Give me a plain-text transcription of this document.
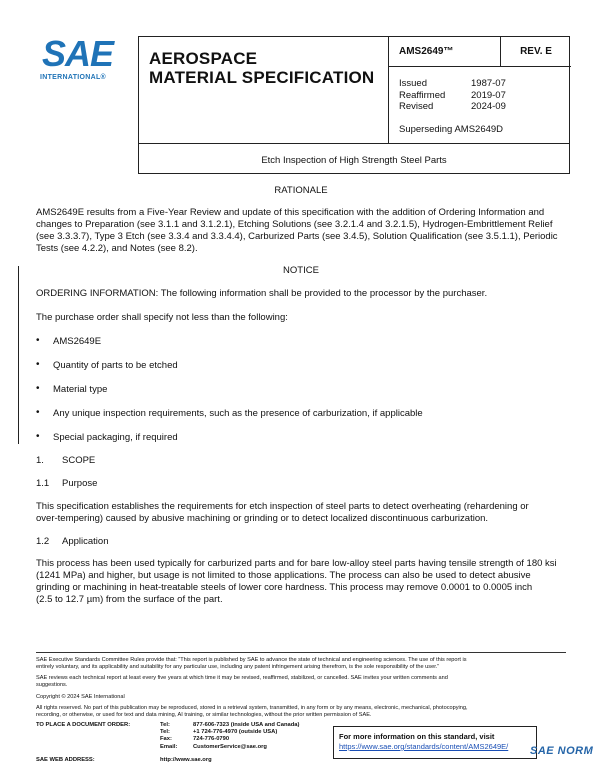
SAE
INTERNATIONAL®
AEROSPACE
MATERIAL SPECIFICATION
AMS2649™	REV. E
Issued	1987-07
Reaffirmed	2019-07
Revised	2024-09
Superseding AMS2649D
Etch Inspection of High Strength Steel Parts
RATIONALE
AMS2649E results from a Five-Year Review and update of this specification with the addition of Ordering Information and
changes to Preparation (see 3.1.1 and 3.1.2.1), Etching Solutions (see 3.2.1.4 and 3.2.1.5), Hydrogen-Embrittlement Relief
(see 3.3.3.7), Type 3 Etch (see 3.3.4 and 3.3.4.4), Carburized Parts (see 3.4.5), Solution Qualification (see 3.5.1.1), Periodic
Tests (see 4.2.2), and Notes (see 8.2).
NOTICE
ORDERING INFORMATION: The following information shall be provided to the processor by the purchaser.
The purchase order shall specify not less than the following:
• AMS2649E
• Quantity of parts to be etched
• Material type
• Any unique inspection requirements, such as the presence of carburization, if applicable
• Special packaging, if required
1. SCOPE
1.1 Purpose
This specification establishes the requirements for etch inspection of steel parts to detect overheating (rehardening or
over-tempering) caused by abusive machining or grinding or to detect localized discontinuous carburization.
1.2 Application
This process has been used typically for carburized parts and for bare low-alloy steel parts having tensile strength of 180 ksi
(1241 MPa) and higher, but usage is not limited to those applications. The process can also be used to detect abusive
grinding or machining in heat-treatable steels of lower core hardness. This process may remove 0.0001 to 0.0005 inch
(2.5 to 12.7 µm) from the surface of the part.
SAE Executive Standards Committee Rules provide that: “This report is published by SAE to advance the state of technical and engineering sciences. The use of this report is
entirely voluntary, and its applicability and suitability for any particular use, including any patent infringement arising therefrom, is the sole responsibility of the user.”
SAE reviews each technical report at least every five years at which time it may be revised, reaffirmed, stabilized, or cancelled. SAE invites your written comments and
suggestions.
Copyright © 2024 SAE International
All rights reserved. No part of this publication may be reproduced, stored in a retrieval system, transmitted, in any form or by any means, electronic, mechanical, photocopying,
recording, or otherwise, or used for text and data mining, AI training, or similar technologies, without the prior written permission of SAE.
TO PLACE A DOCUMENT ORDER:	Tel:	877-606-7323 (inside USA and Canada)
Tel:	+1 724-776-4970 (outside USA)
Fax:	724-776-0790
Email:	CustomerService@sae.org
SAE WEB ADDRESS:	http://www.sae.org
For more information on this standard, visit
https://www.sae.org/standards/content/AMS2649E/	SAE NORM
